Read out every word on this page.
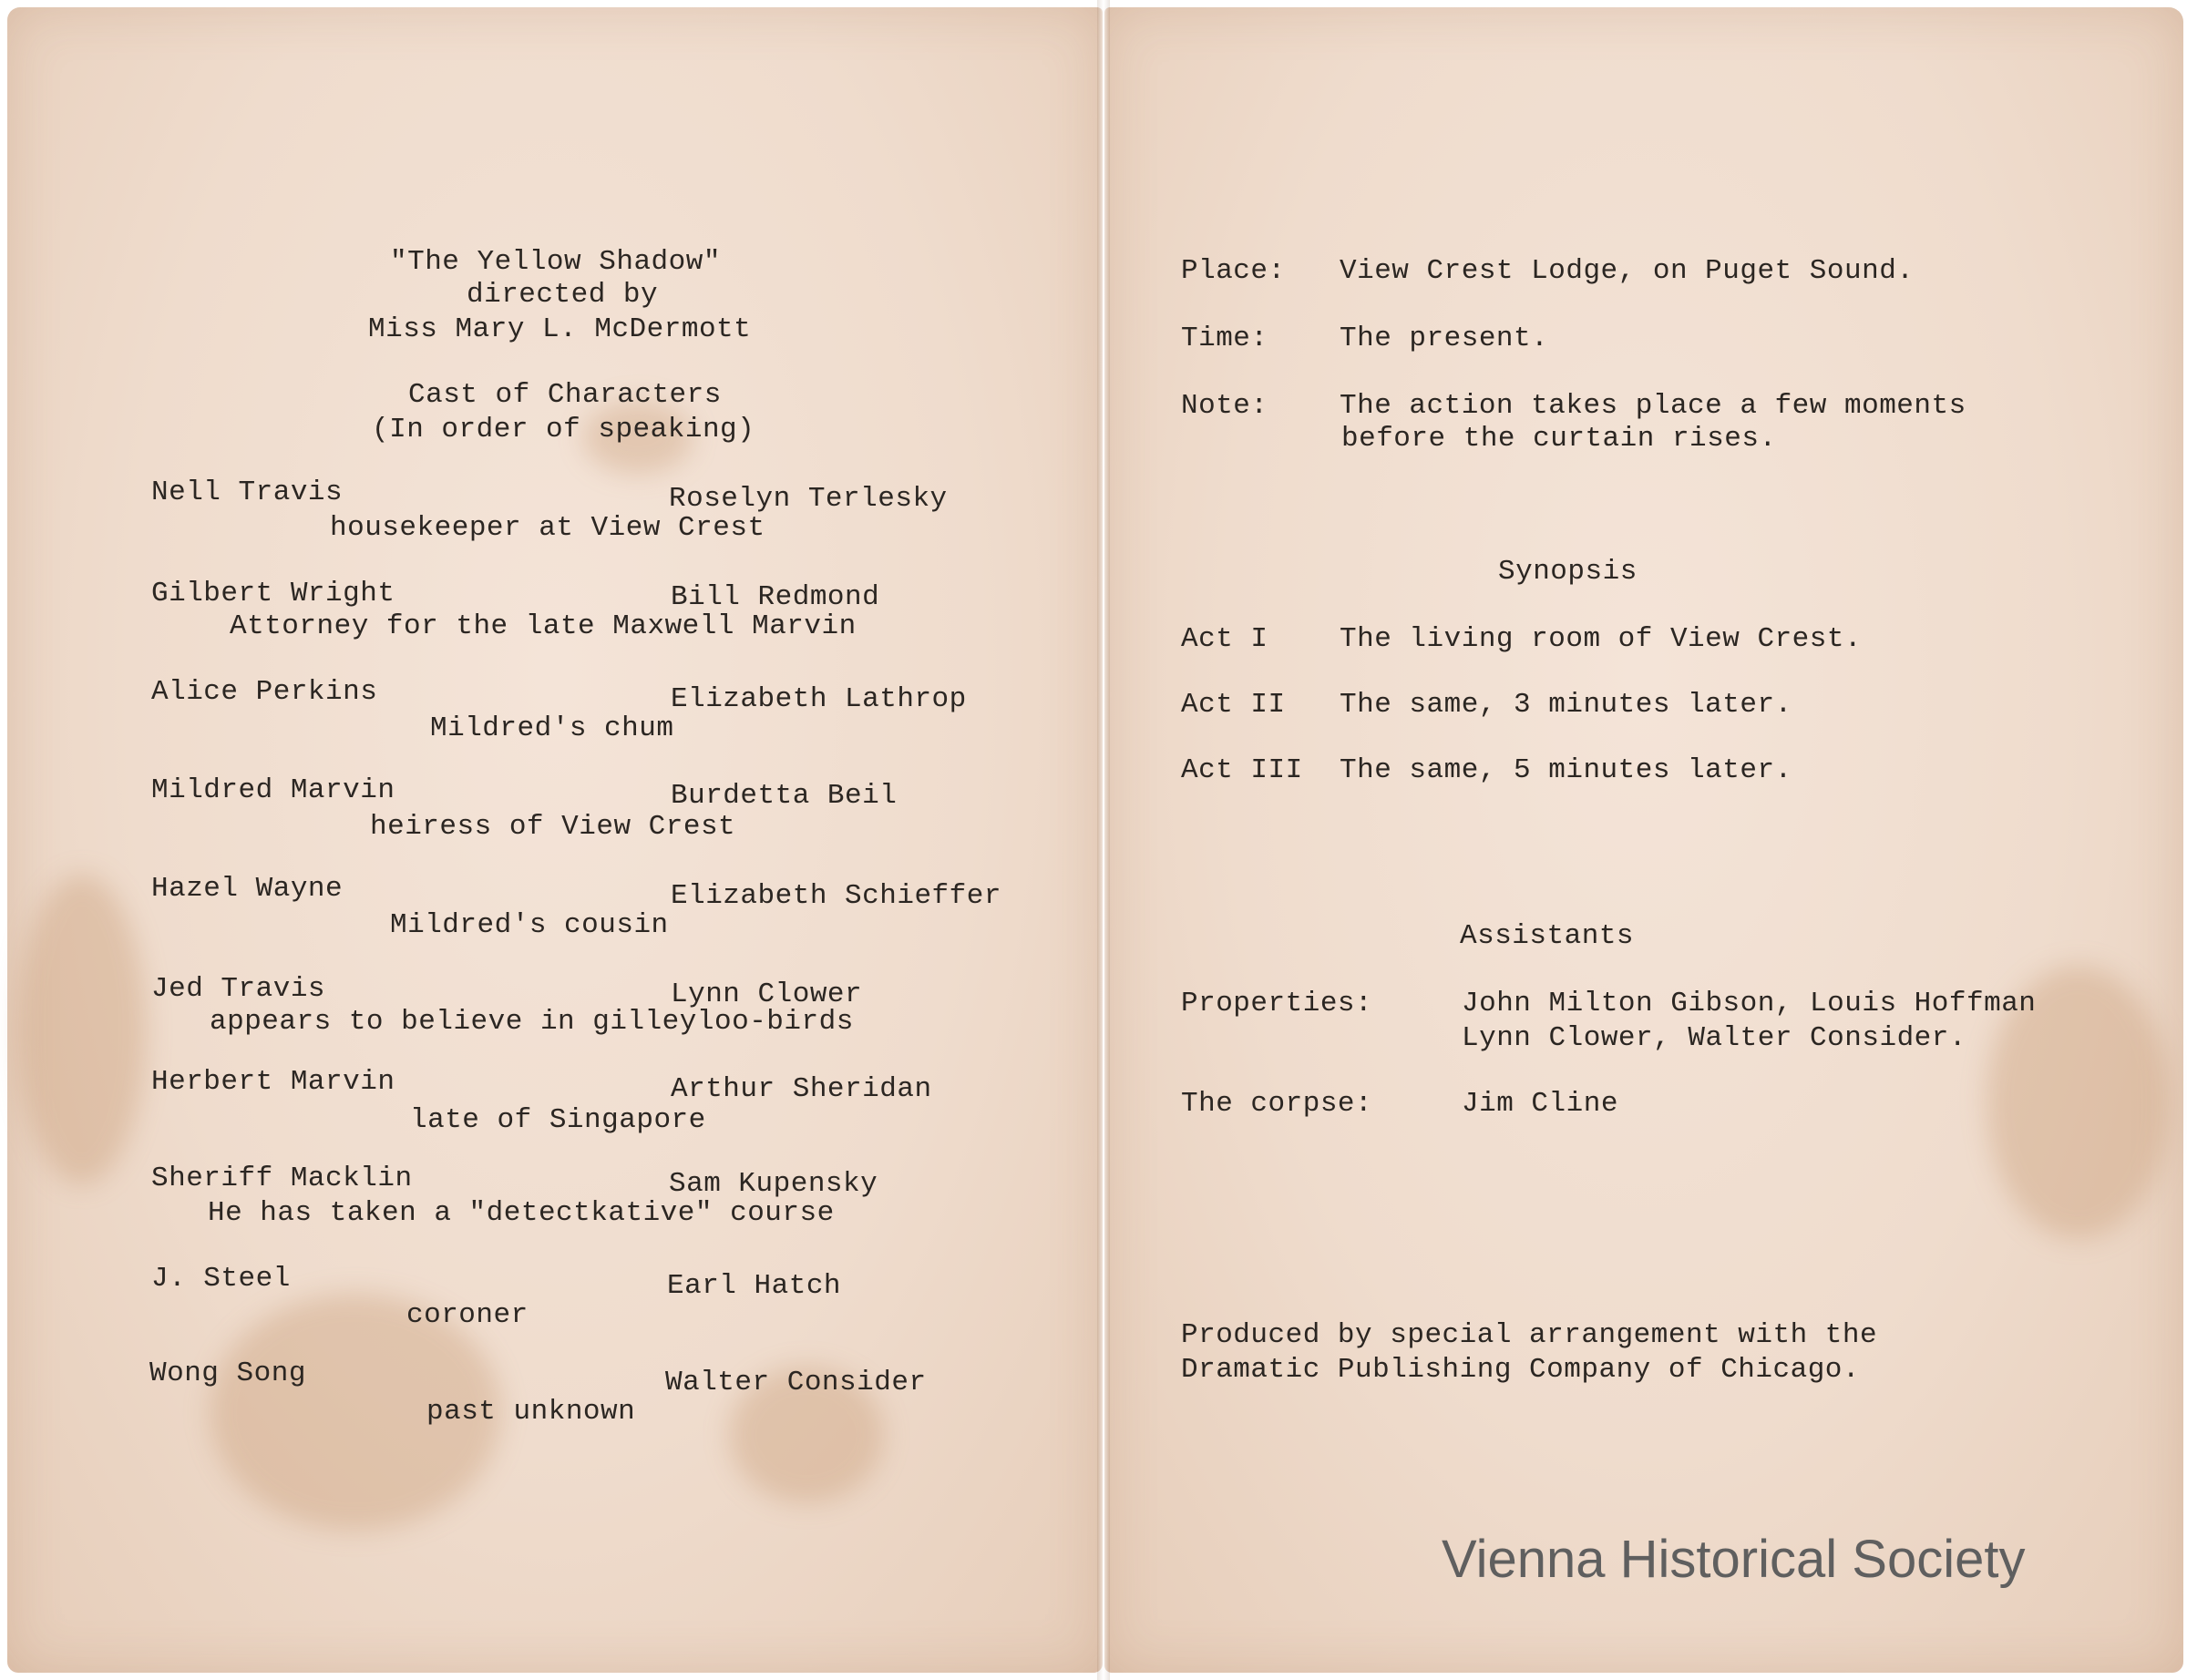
"The Yellow Shadow"
directed by
Miss Mary L. McDermott
Cast of Characters
(In order of speaking)
Nell Travis	Roselyn Terlesky
housekeeper at View Crest
Gilbert Wright	Bill Redmond
Attorney for the late Maxwell Marvin
Alice Perkins	Elizabeth Lathrop
Mildred's chum
Mildred Marvin	Burdetta Beil
heiress of View Crest
Hazel Wayne	Elizabeth Schieffer
Mildred's cousin
Jed Travis	Lynn Clower
appears to believe in gilleyloo-birds
Herbert Marvin	Arthur Sheridan
late of Singapore
Sheriff Macklin	Sam Kupensky
He has taken a "detectkative" course
J. Steel	Earl Hatch
coroner
Wong Song	Walter Consider
past unknown
Place: View Crest Lodge, on Puget Sound.
Time:	The present.
Note:	The action takes place a few moments
before the curtain rises.
Synopsis
Act I	The living room of View Crest.
Act II The same, 3 minutes later.
Act III The same, 5 minutes later.
Assistants
Properties:	John Milton Gibson, Louis Hoffman
Lynn Clower, Walter Consider.
The corpse:	Jim Cline
Produced by special arrangement with the
Dramatic Publishing Company of Chicago.
Vienna Historical Society
